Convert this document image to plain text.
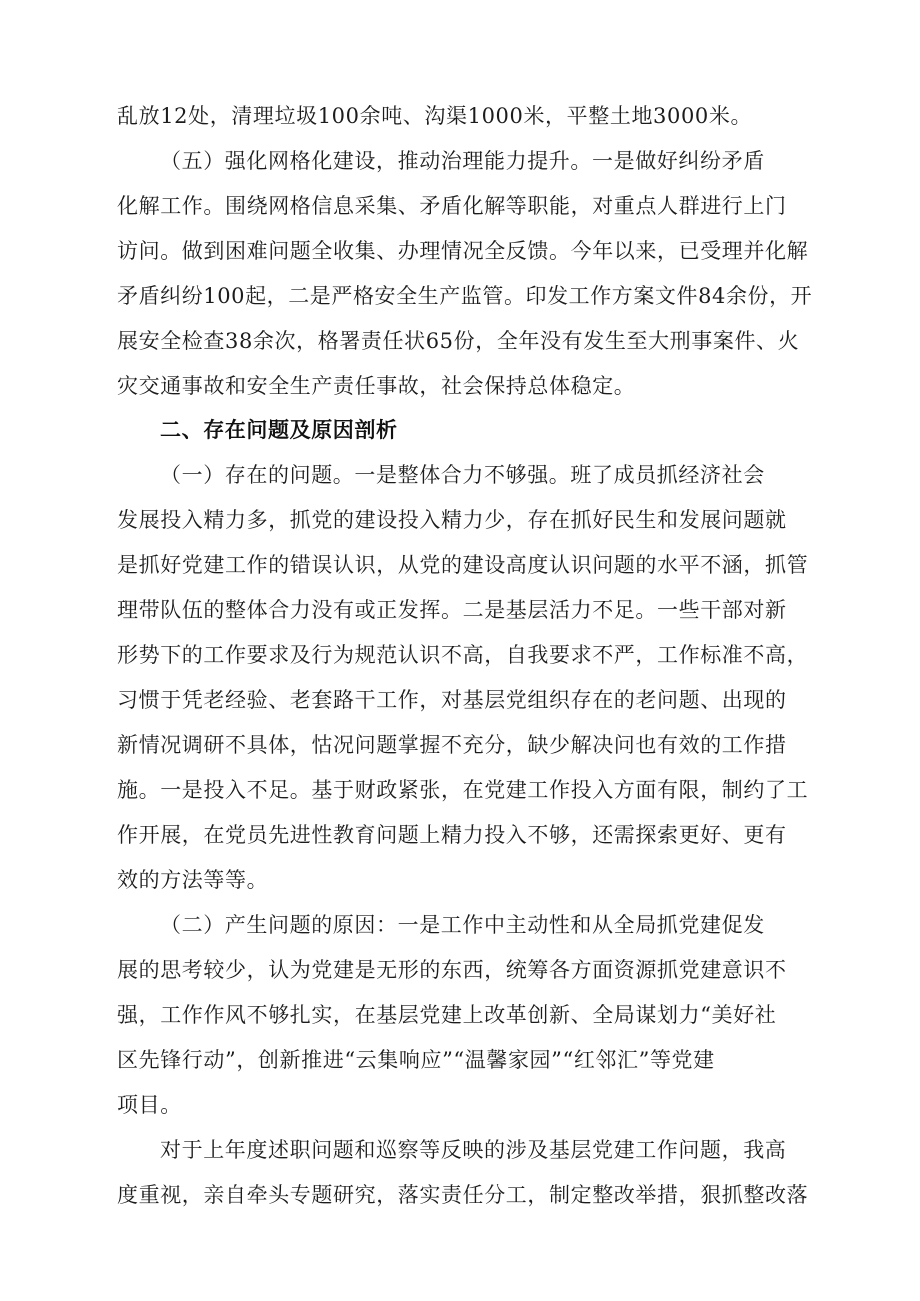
乱放12处，清理垃圾100余吨、沟渠1000米，平整土地3000米。

（五）强化网格化建设，推动治理能力提升。一是做好纠纷矛盾

化解工作。围绕网格信息采集、矛盾化解等职能，对重点人群进行上门

访问。做到困难问题全收集、办理情况全反馈。今年以来，已受理并化解

矛盾纠纷100起，二是严格安全生产监管。印发工作方案文件84余份，开

展安全检查38余次，格署责任状65份，全年没有发生至大刑事案件、火

灾交通事故和安全生产责任事故，社会保持总体稳定。

二、存在问题及原因剖析

（一）存在的问题。一是整体合力不够强。班了成员抓经济社会

发展投入精力多，抓党的建设投入精力少，存在抓好民生和发展问题就

是抓好党建工作的错误认识，从党的建设高度认识问题的水平不涵，抓管

理带队伍的整体合力没有或正发挥。二是基层活力不足。一些干部对新

形势下的工作要求及行为规范认识不高，自我要求不严，工作标准不高，

习惯于凭老经验、老套路干工作，对基层党组织存在的老问题、出现的

新情况调研不具体，怙况问题掌握不充分，缺少解决问也有效的工作措

施。一是投入不足。基于财政紧张，在党建工作投入方面有限，制约了工

作开展，在党员先进性教育问题上精力投入不够，还需探索更好、更有

效的方法等等。

（二）产生问题的原因：一是工作中主动性和从全局抓党建促发

展的思考较少，认为党建是无形的东西，统筹各方面资源抓党建意识不

强，工作作风不够扎实，在基层党建上改革创新、全局谋划力“美好社

区先锋行动”，创新推进“云集响应”“温馨家园”“红邻汇”等党建

项目。

对于上年度述职问题和巡察等反映的涉及基层党建工作问题，我高

度重视，亲自牵头专题研究，落实责任分工，制定整改举措，狠抓整改落
